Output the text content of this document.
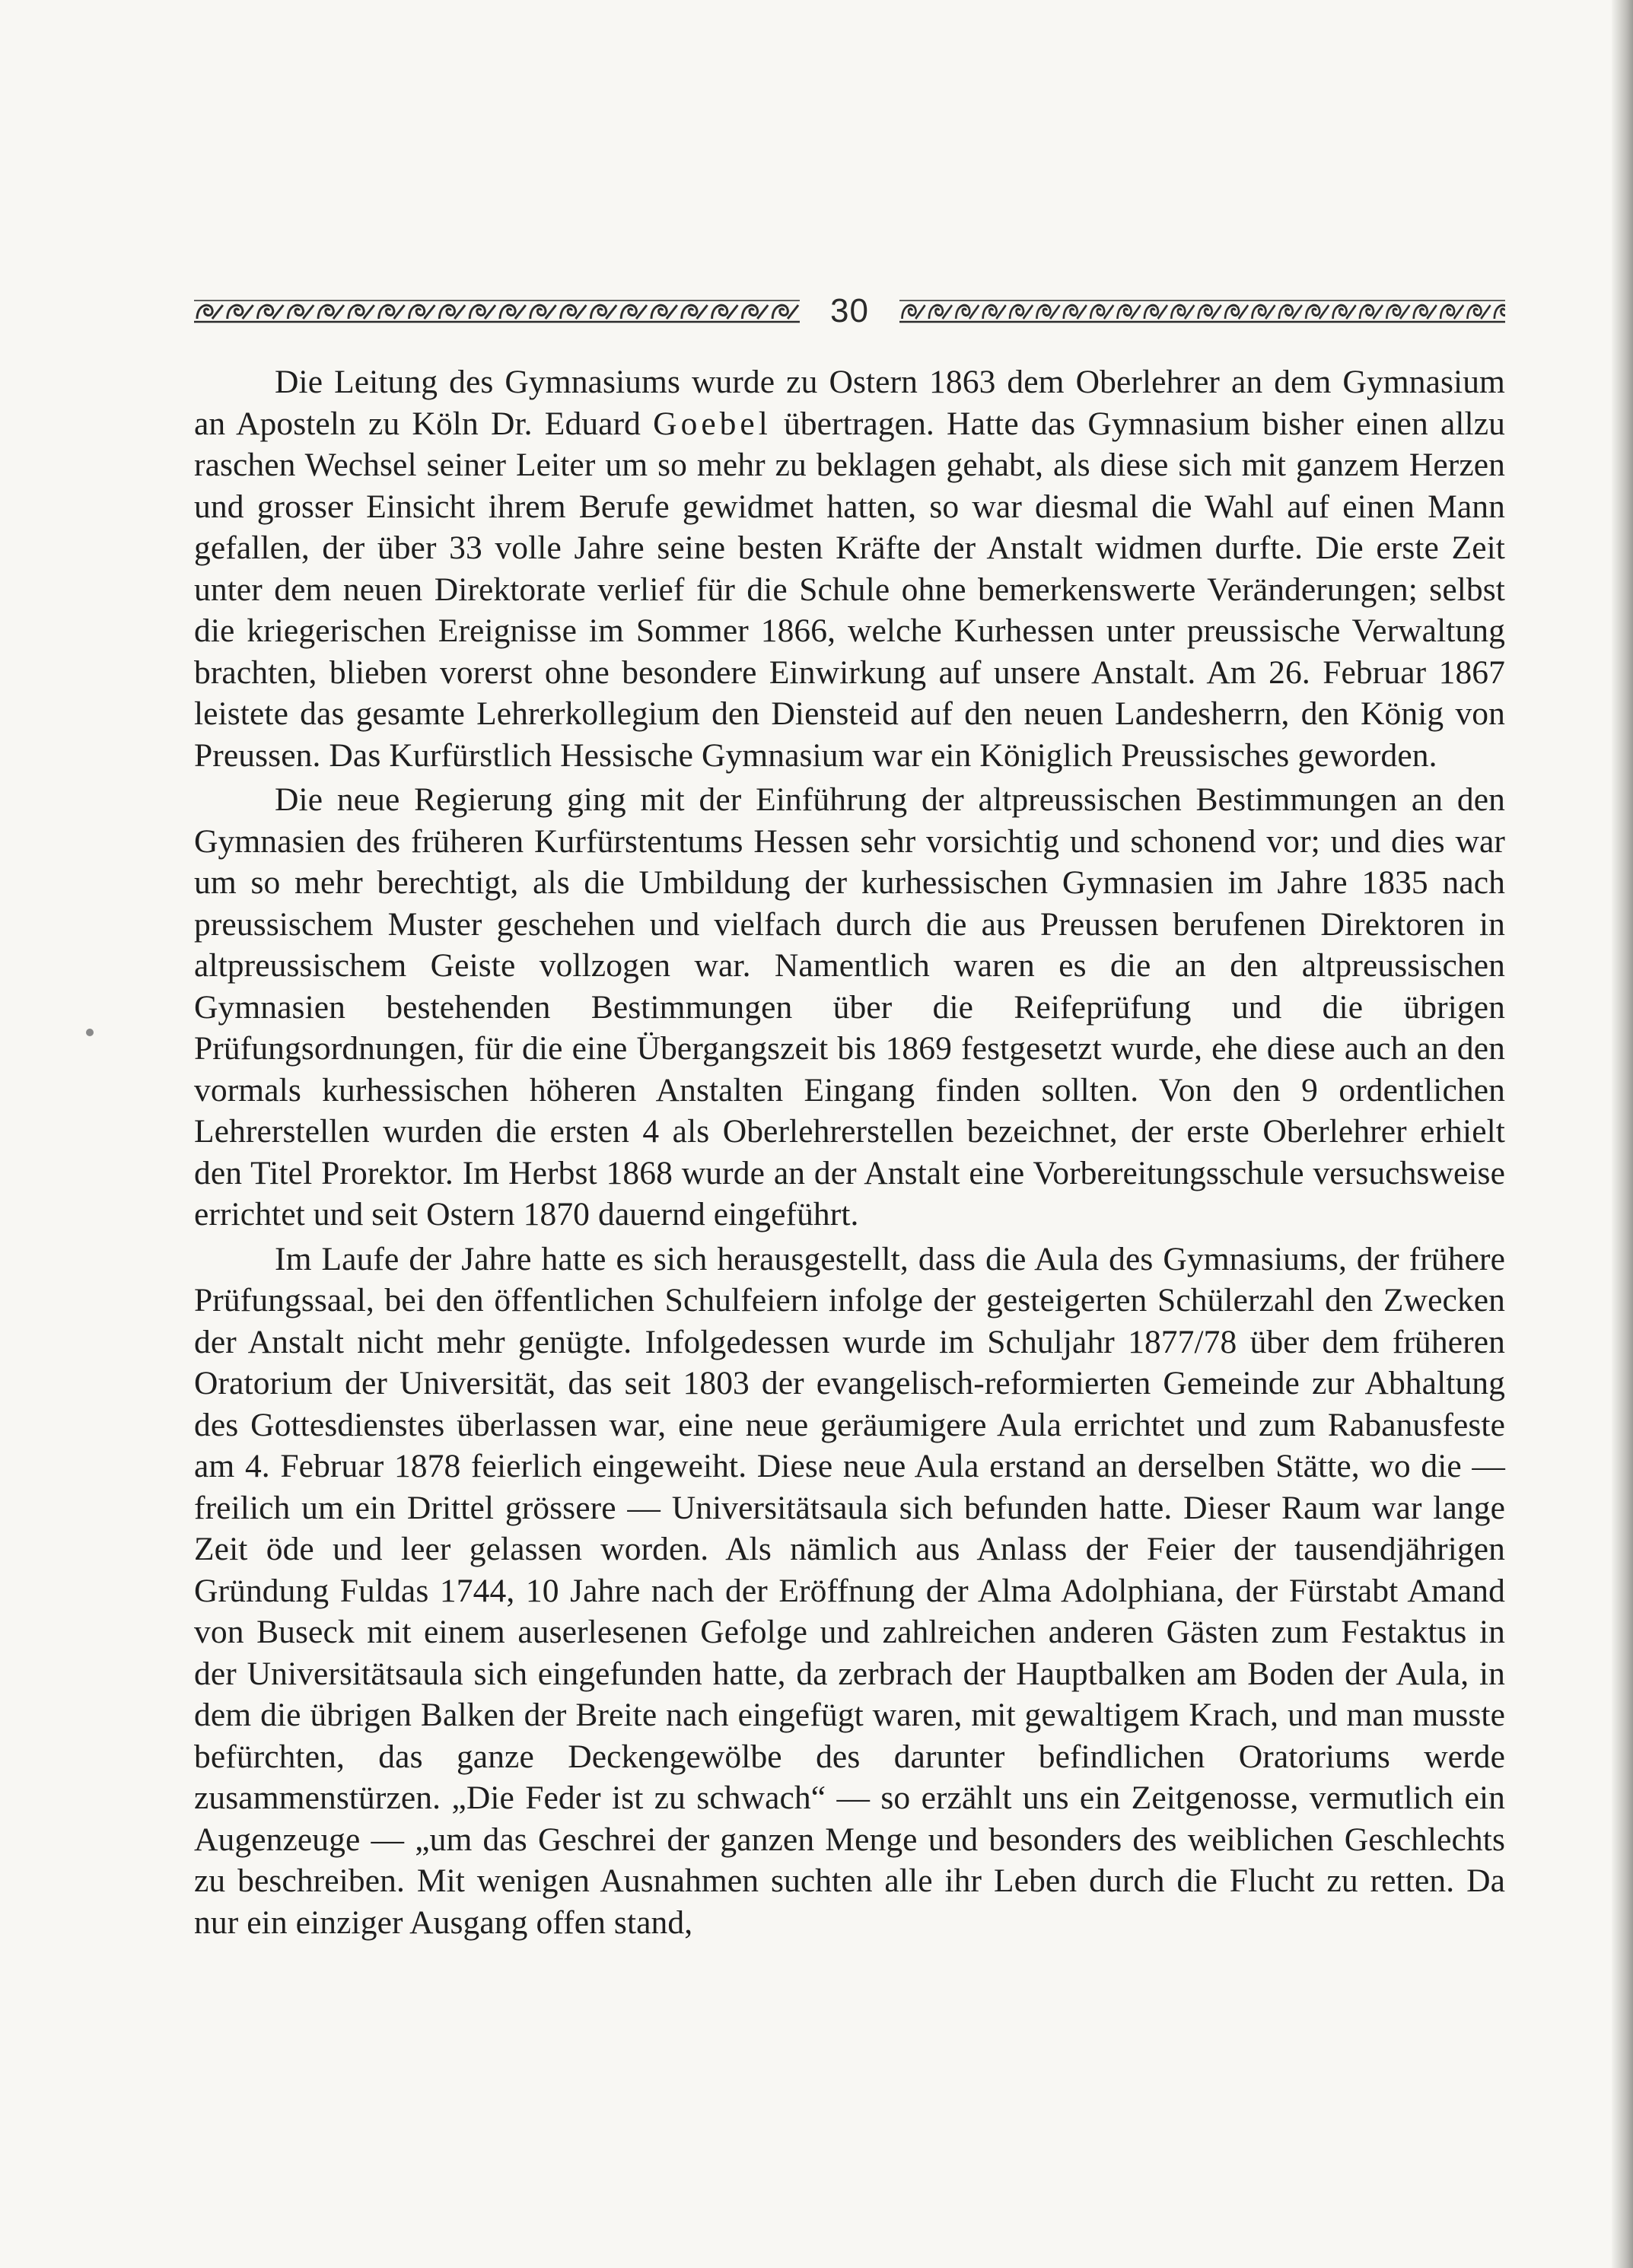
30

Die Leitung des Gymnasiums wurde zu Ostern 1863 dem Oberlehrer an dem Gymnasium an Aposteln zu Köln Dr. Eduard Goebel übertragen. Hatte das Gymnasium bisher einen allzu raschen Wechsel seiner Leiter um so mehr zu beklagen gehabt, als diese sich mit ganzem Herzen und grosser Einsicht ihrem Berufe gewidmet hatten, so war diesmal die Wahl auf einen Mann gefallen, der über 33 volle Jahre seine besten Kräfte der Anstalt widmen durfte. Die erste Zeit unter dem neuen Direktorate verlief für die Schule ohne bemerkenswerte Veränderungen; selbst die kriegerischen Ereignisse im Sommer 1866, welche Kurhessen unter preussische Verwaltung brachten, blieben vorerst ohne besondere Einwirkung auf unsere Anstalt. Am 26. Februar 1867 leistete das gesamte Lehrerkollegium den Diensteid auf den neuen Landesherrn, den König von Preussen. Das Kurfürstlich Hessische Gymnasium war ein Königlich Preussisches geworden.

Die neue Regierung ging mit der Einführung der altpreussischen Bestimmungen an den Gymnasien des früheren Kurfürstentums Hessen sehr vorsichtig und schonend vor; und dies war um so mehr berechtigt, als die Umbildung der kurhessischen Gymnasien im Jahre 1835 nach preussischem Muster geschehen und vielfach durch die aus Preussen berufenen Direktoren in altpreussischem Geiste vollzogen war. Namentlich waren es die an den altpreussischen Gymnasien bestehenden Bestimmungen über die Reifeprüfung und die übrigen Prüfungsordnungen, für die eine Übergangszeit bis 1869 festgesetzt wurde, ehe diese auch an den vormals kurhessischen höheren Anstalten Eingang finden sollten. Von den 9 ordentlichen Lehrerstellen wurden die ersten 4 als Oberlehrerstellen bezeichnet, der erste Oberlehrer erhielt den Titel Prorektor. Im Herbst 1868 wurde an der Anstalt eine Vorbereitungsschule versuchsweise errichtet und seit Ostern 1870 dauernd eingeführt.

Im Laufe der Jahre hatte es sich herausgestellt, dass die Aula des Gymnasiums, der frühere Prüfungssaal, bei den öffentlichen Schulfeiern infolge der gesteigerten Schülerzahl den Zwecken der Anstalt nicht mehr genügte. Infolgedessen wurde im Schuljahr 1877/78 über dem früheren Oratorium der Universität, das seit 1803 der evangelisch-reformierten Gemeinde zur Abhaltung des Gottesdienstes überlassen war, eine neue geräumigere Aula errichtet und zum Rabanusfeste am 4. Februar 1878 feierlich eingeweiht. Diese neue Aula erstand an derselben Stätte, wo die — freilich um ein Drittel grössere — Universitätsaula sich befunden hatte. Dieser Raum war lange Zeit öde und leer gelassen worden. Als nämlich aus Anlass der Feier der tausendjährigen Gründung Fuldas 1744, 10 Jahre nach der Eröffnung der Alma Adolphiana, der Fürstabt Amand von Buseck mit einem auserlesenen Gefolge und zahlreichen anderen Gästen zum Festaktus in der Universitätsaula sich eingefunden hatte, da zerbrach der Hauptbalken am Boden der Aula, in dem die übrigen Balken der Breite nach eingefügt waren, mit gewaltigem Krach, und man musste befürchten, das ganze Deckengewölbe des darunter befindlichen Oratoriums werde zusammenstürzen. „Die Feder ist zu schwach“ — so erzählt uns ein Zeitgenosse, vermutlich ein Augenzeuge — „um das Geschrei der ganzen Menge und besonders des weiblichen Geschlechts zu beschreiben. Mit wenigen Ausnahmen suchten alle ihr Leben durch die Flucht zu retten. Da nur ein einziger Ausgang offen stand,
